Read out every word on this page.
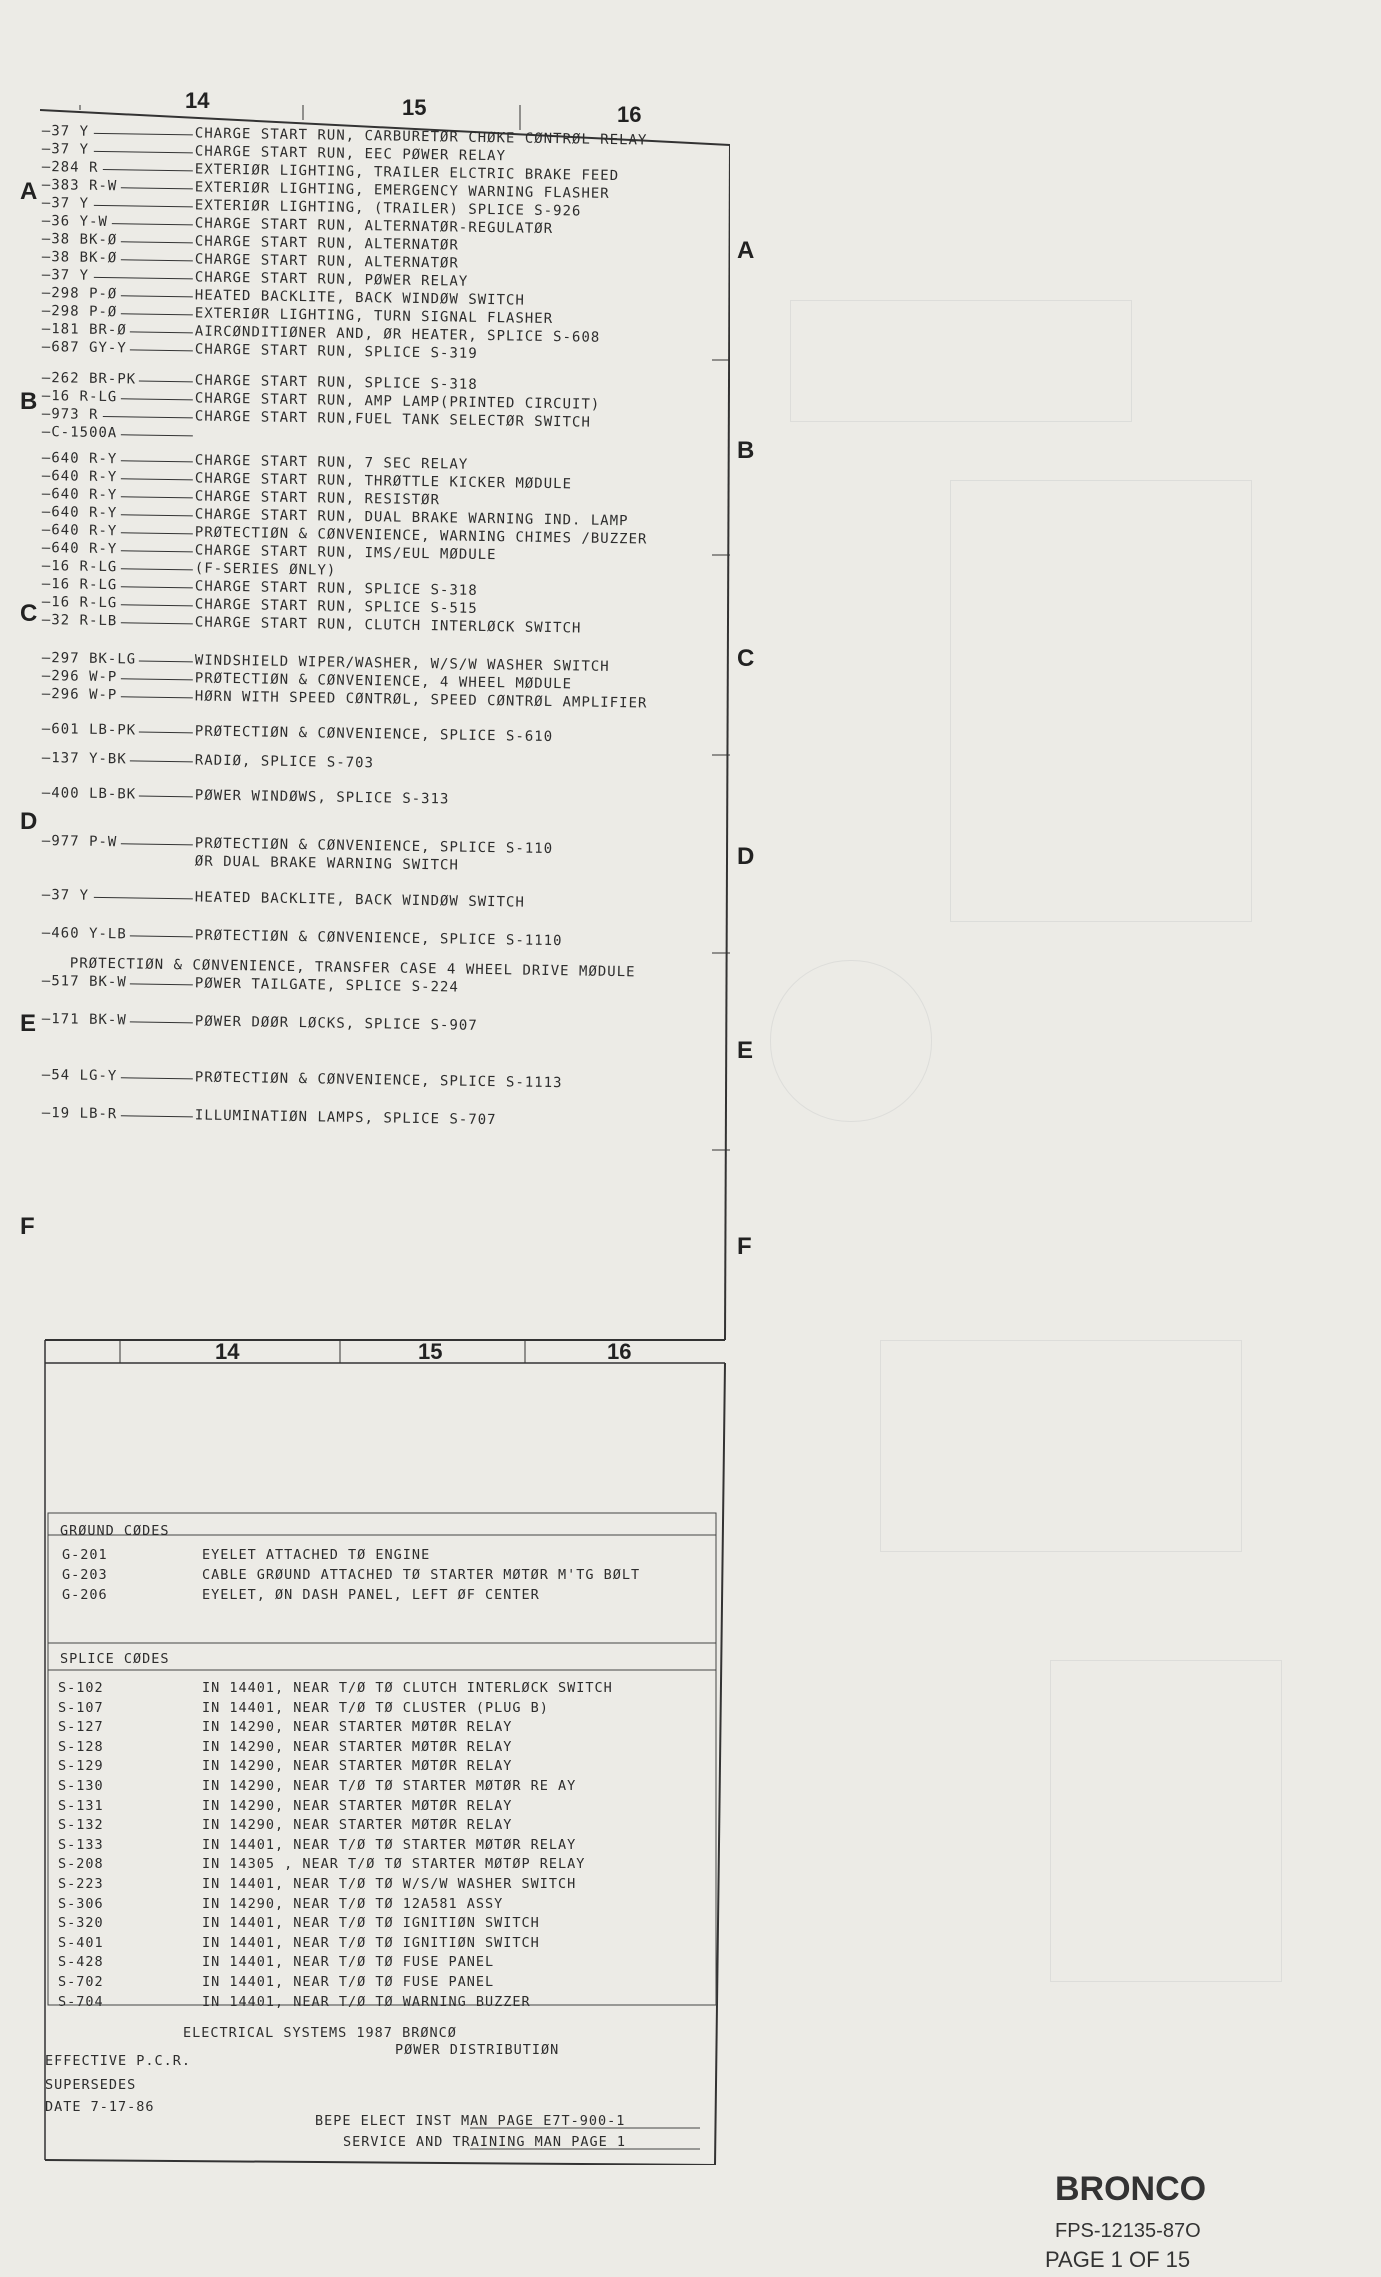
14	15	16
14	15	16
—37 Y	CHARGE START RUN, CARBURETØR CHØKE CØNTRØL RELAY
—37 Y	CHARGE START RUN, EEC PØWER RELAY
—284 R	EXTERIØR LIGHTING, TRAILER ELCTRIC BRAKE FEED
—383 R-W	EXTERIØR LIGHTING, EMERGENCY WARNING FLASHER
—37 Y	EXTERIØR LIGHTING, (TRAILER) SPLICE S-926
—36 Y-W	CHARGE START RUN, ALTERNATØR-REGULATØR
—38 BK-Ø	CHARGE START RUN, ALTERNATØR
—38 BK-Ø	CHARGE START RUN, ALTERNATØR
—37 Y	CHARGE START RUN, PØWER RELAY
—298 P-Ø	HEATED BACKLITE, BACK WINDØW SWITCH
—298 P-Ø	EXTERIØR LIGHTING, TURN SIGNAL FLASHER
—181 BR-Ø	AIRCØNDITIØNER AND, ØR HEATER, SPLICE S-608
—687 GY-Y	CHARGE START RUN, SPLICE S-319
—262 BR-PK	CHARGE START RUN, SPLICE S-318
—16 R-LG	CHARGE START RUN, AMP LAMP(PRINTED CIRCUIT)
—973 R	CHARGE START RUN,FUEL TANK SELECTØR SWITCH
—C-1500A
—640 R-Y	CHARGE START RUN, 7 SEC RELAY
—640 R-Y	CHARGE START RUN, THRØTTLE KICKER MØDULE
—640 R-Y	CHARGE START RUN, RESISTØR
—640 R-Y	CHARGE START RUN, DUAL BRAKE WARNING IND. LAMP
—640 R-Y	PRØTECTIØN & CØNVENIENCE, WARNING CHIMES /BUZZER
—640 R-Y	CHARGE START RUN, IMS/EUL MØDULE
—16 R-LG	(F-SERIES ØNLY)
—16 R-LG	CHARGE START RUN, SPLICE S-318
—16 R-LG	CHARGE START RUN, SPLICE S-515
—32 R-LB	CHARGE START RUN, CLUTCH INTERLØCK SWITCH
—297 BK-LG	WINDSHIELD WIPER/WASHER, W/S/W WASHER SWITCH
—296 W-P	PRØTECTIØN & CØNVENIENCE, 4 WHEEL MØDULE
—296 W-P	HØRN WITH SPEED CØNTRØL, SPEED CØNTRØL AMPLIFIER
—601 LB-PK	PRØTECTIØN & CØNVENIENCE, SPLICE S-610
—137 Y-BK	RADIØ, SPLICE S-703
—400 LB-BK	PØWER WINDØWS, SPLICE S-313
—977 P-W	PRØTECTIØN & CØNVENIENCE, SPLICE S-110
ØR DUAL BRAKE WARNING SWITCH
—37 Y	HEATED BACKLITE, BACK WINDØW SWITCH
—460 Y-LB	PRØTECTIØN & CØNVENIENCE, SPLICE S-1110
PRØTECTIØN & CØNVENIENCE, TRANSFER CASE 4 WHEEL DRIVE MØDULE
—517 BK-W	PØWER TAILGATE, SPLICE S-224
—171 BK-W	PØWER DØØR LØCKS, SPLICE S-907
—54 LG-Y	PRØTECTIØN & CØNVENIENCE, SPLICE S-1113
—19 LB-R	ILLUMINATIØN LAMPS, SPLICE S-707
GRØUND CØDES
G-201	EYELET ATTACHED TØ ENGINE
G-203	CABLE GRØUND ATTACHED TØ STARTER MØTØR M'TG BØLT
G-206	EYELET, ØN DASH PANEL, LEFT ØF CENTER
SPLICE CØDES
S-102	IN 14401, NEAR T/Ø TØ CLUTCH INTERLØCK SWITCH
S-107	IN 14401, NEAR T/Ø TØ CLUSTER (PLUG B)
S-127	IN 14290, NEAR STARTER MØTØR RELAY
S-128	IN 14290, NEAR STARTER MØTØR RELAY
S-129	IN 14290, NEAR STARTER MØTØR RELAY
S-130	IN 14290, NEAR T/Ø TØ STARTER MØTØR RE AY
S-131	IN 14290, NEAR STARTER MØTØR RELAY
S-132	IN 14290, NEAR STARTER MØTØR RELAY
S-133	IN 14401, NEAR T/Ø TØ STARTER MØTØR RELAY
S-208	IN 14305 , NEAR T/Ø TØ STARTER MØTØP RELAY
S-223	IN 14401, NEAR T/Ø TØ W/S/W WASHER SWITCH
S-306	IN 14290, NEAR T/Ø TØ 12A581 ASSY
S-320	IN 14401, NEAR T/Ø TØ IGNITIØN SWITCH
S-401	IN 14401, NEAR T/Ø TØ IGNITIØN SWITCH
S-428	IN 14401, NEAR T/Ø TØ FUSE PANEL
S-702	IN 14401, NEAR T/Ø TØ FUSE PANEL
S-704	IN 14401, NEAR T/Ø TØ WARNING BUZZER
ELECTRICAL SYSTEMS 1987 BRØNCØ
PØWER DISTRIBUTIØN
EFFECTIVE P.C.R.
SUPERSEDES
DATE 7-17-86
BEPE ELECT INST MAN PAGE E7T-900-1
SERVICE AND TRAINING MAN PAGE 1
A
A
B
B
C
C
D
D
E
E
F
F
BRONCO
FPS-12135-87O
PAGE 1 OF 15
